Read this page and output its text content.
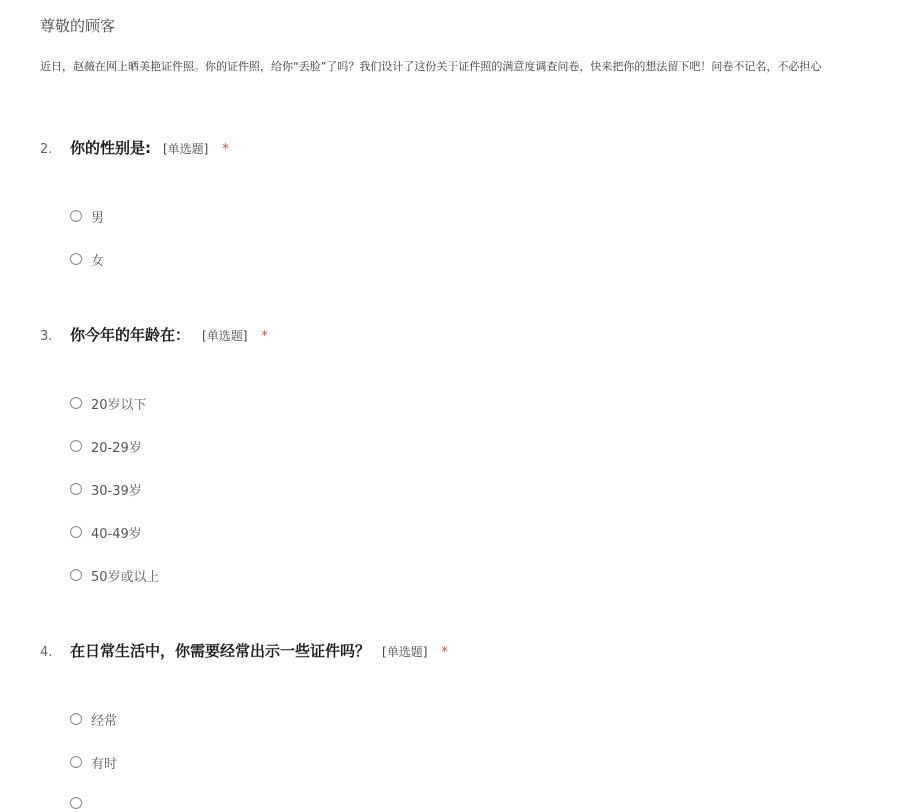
尊敬的顾客
近日，赵薇在网上晒美艳证件照。你的证件照，给你“丢脸”了吗？我们设计了这份关于证件照的满意度调查问卷，快来把你的想法留下吧！问卷不记名，不必担心
2. 你的性别是: [单选题] *
男
女
3. 你今年的年龄在： [单选题] *
20岁以下
20-29岁
30-39岁
40-49岁
50岁或以上
4. 在日常生活中，你需要经常出示一些证件吗？ [单选题] *
经常
有时
